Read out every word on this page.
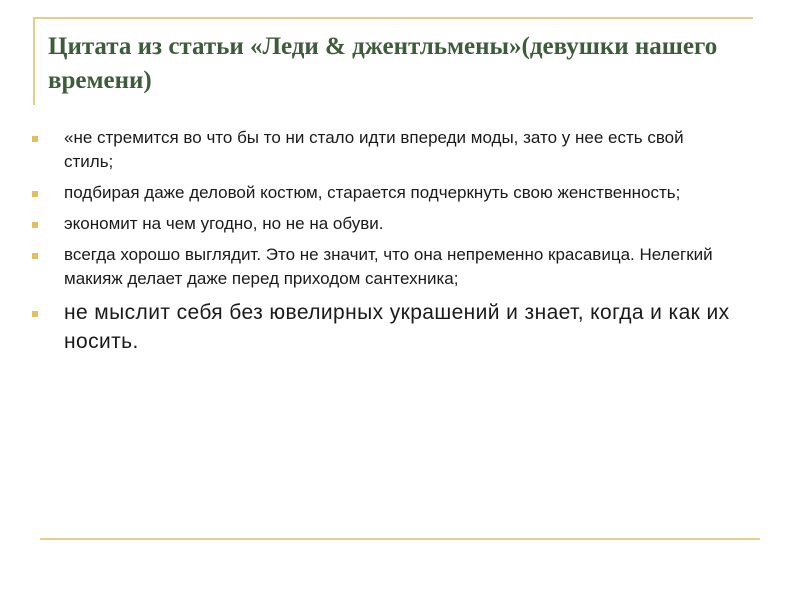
Цитата из статьи «Леди & джентльмены»(девушки нашего времени)
«не стремится во что бы то ни стало идти впереди моды, зато у нее есть свой стиль;
подбирая даже деловой костюм, старается подчеркнуть свою женственность;
экономит на чем угодно, но не на обуви.
всегда хорошо выглядит. Это не значит, что она непременно красавица. Нелегкий макияж делает даже перед приходом сантехника;
не мыслит себя без ювелирных украшений и знает, когда и как их носить.
